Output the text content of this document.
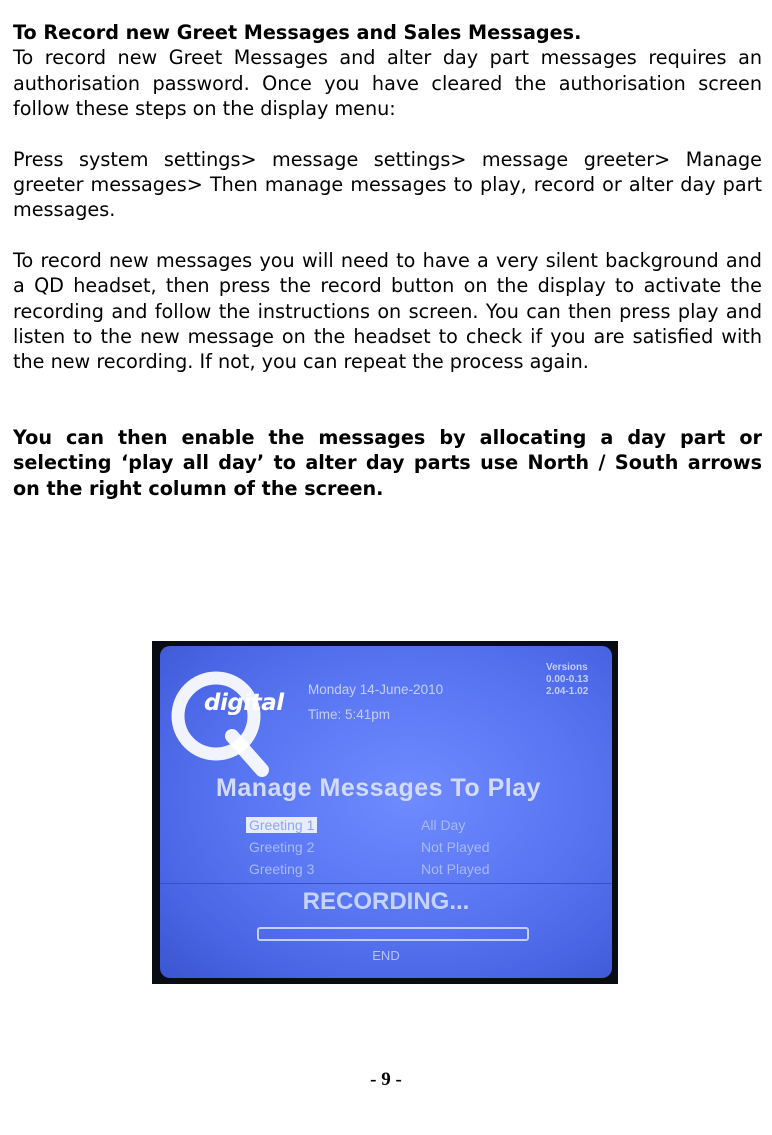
To Record new Greet Messages and Sales Messages.

To record new Greet Messages and alter day part messages requires an authorisation password. Once you have cleared the authorisation screen follow these steps on the display menu:

Press system settings> message settings> message greeter> Manage greeter messages> Then manage messages to play, record or alter day part messages.

To record new messages you will need to have a very silent background and a QD headset, then press the record button on the display to activate the recording and follow the instructions on screen. You can then press play and listen to the new message on the headset to check if you are satisfied with the new recording. If not, you can repeat the process again.

You can then enable the messages by allocating a day part or selecting ‘play all day’ to alter day parts use North / South arrows on the right column of the screen.

digital
Monday 14-June-2010
Time: 5:41pm
Versions
0.00-0.13
2.04-1.02
Manage Messages To Play
Greeting 1	All Day
Greeting 2	Not Played
Greeting 3	Not Played
RECORDING...
END
- 9 -
